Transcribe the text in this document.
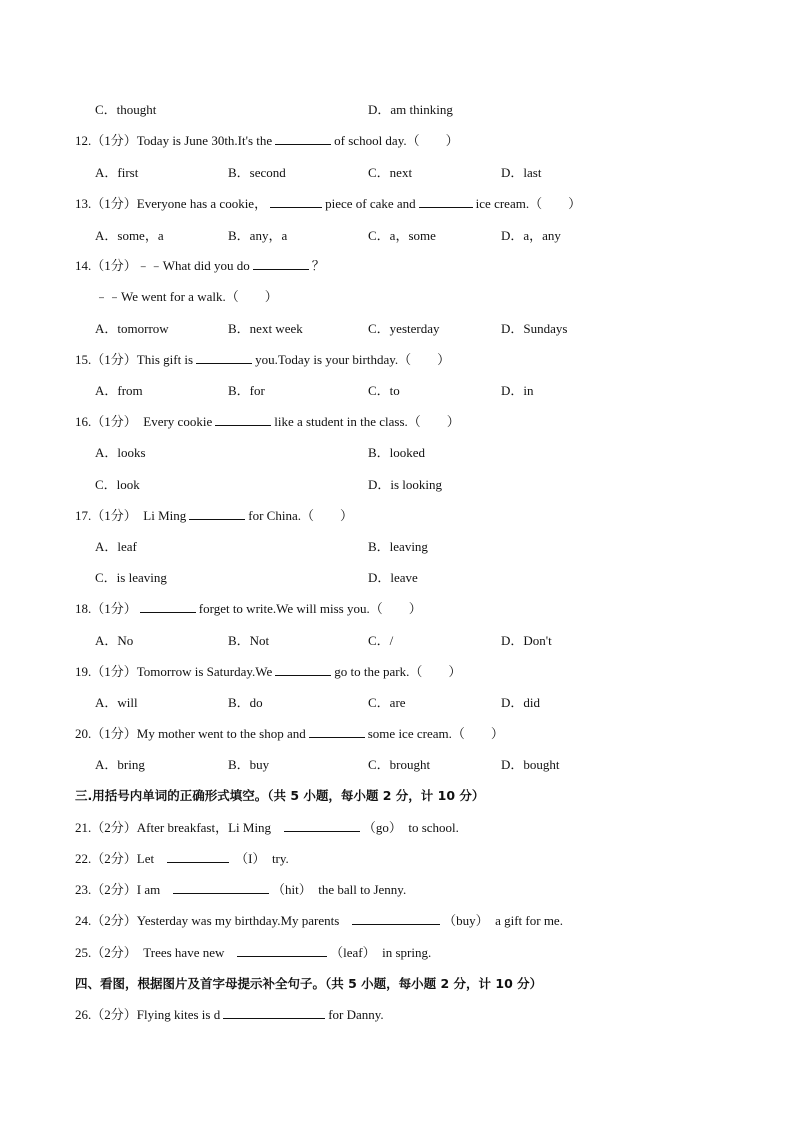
C．thought	D．am thinking
12.（1分）Today is June 30th.It's the	of school day.（　　）
A．first	B．second	C．next	D．last
13.（1分）Everyone has a cookie，	piece of cake and	ice cream.（　　）
A．some，a	B．any，a	C．a，some	D．a，any
14.（1分）﹣﹣What did you do	？
﹣﹣We went for a walk.（　　）
A．tomorrow	B．next week	C．yesterday	D．Sundays
15.（1分）This gift is	you.Today is your birthday.（　　）
A．from	B．for	C．to	D．in
16.（1分） Every cookie	like a student in the class.（　　）
A．looks	B．looked
C．look	D．is looking
17.（1分） Li Ming	for China.（　　）
A．leaf	B．leaving
C．is leaving	D．leave
18.（1分）	forget to write.We will miss you.（　　）
A．No	B．Not	C．/	D．Don't
19.（1分）Tomorrow is Saturday.We	go to the park.（　　）
A．will	B．do	C．are	D．did
20.（1分）My mother went to the shop and	some ice cream.（　　）
A．bring	B．buy	C．brought	D．bought
三.用括号内单词的正确形式填空。（共 5 小题，每小题 2 分，计 10 分）
21.（2分）After breakfast，Li Ming	（go） to school.
22.（2分）Let	（I） try.
23.（2分）I am	（hit） the ball to Jenny.
24.（2分）Yesterday was my birthday.My parents	（buy） a gift for me.
25.（2分） Trees have new	（leaf） in spring.
四、看图，根据图片及首字母提示补全句子。（共 5 小题，每小题 2 分，计 10 分）
26.（2分）Flying kites is d	for Danny.
